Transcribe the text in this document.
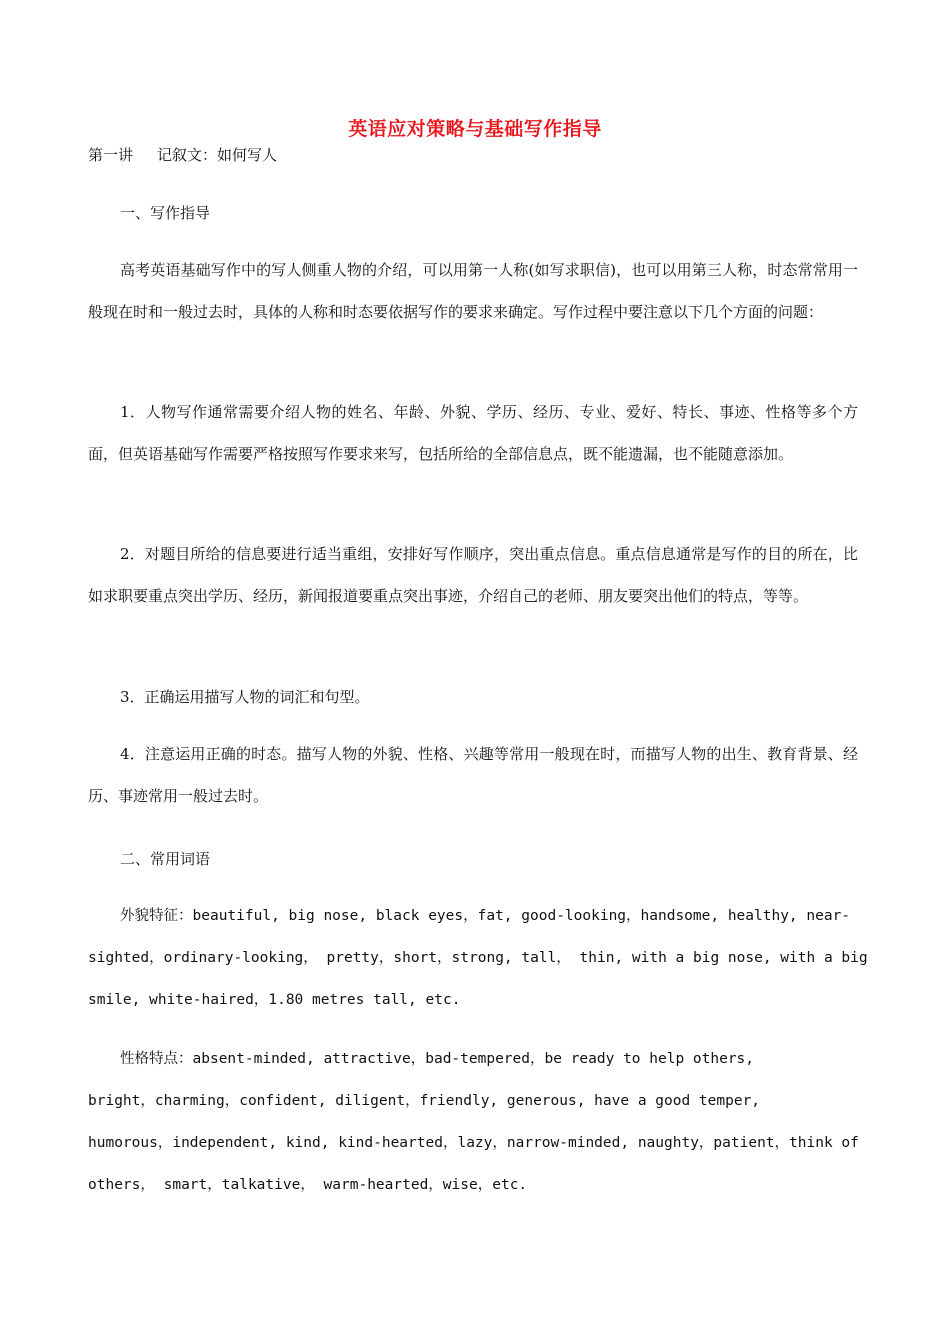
英语应对策略与基础写作指导
第一讲 记叙文：如何写人
一、写作指导
高考英语基础写作中的写人侧重人物的介绍，可以用第一人称(如写求职信)，也可以用第三人称，时态常常用一般现在时和一般过去时，具体的人称和时态要依据写作的要求来确定。写作过程中要注意以下几个方面的问题：
1．人物写作通常需要介绍人物的姓名、年龄、外貌、学历、经历、专业、爱好、特长、事迹、性格等多个方面，但英语基础写作需要严格按照写作要求来写，包括所给的全部信息点，既不能遗漏，也不能随意添加。
2．对题目所给的信息要进行适当重组，安排好写作顺序，突出重点信息。重点信息通常是写作的目的所在，比如求职要重点突出学历、经历，新闻报道要重点突出事迹，介绍自己的老师、朋友要突出他们的特点，等等。
3．正确运用描写人物的词汇和句型。
4．注意运用正确的时态。描写人物的外貌、性格、兴趣等常用一般现在时，而描写人物的出生、教育背景、经历、事迹常用一般过去时。
二、常用词语
外貌特征：beautiful, big nose, black eyes，fat, good-looking，handsome, healthy, near-
sighted，ordinary-looking， pretty，short，strong, tall， thin, with a big nose, with a big
smile, white-haired，1.80 metres tall, etc.
性格特点：absent-minded, attractive，bad-tempered，be ready to help others,
bright，charming，confident, diligent，friendly, generous, have a good temper,
humorous，independent, kind, kind-hearted，lazy，narrow-minded, naughty，patient，think of
others， smart，talkative， warm-hearted，wise，etc.
